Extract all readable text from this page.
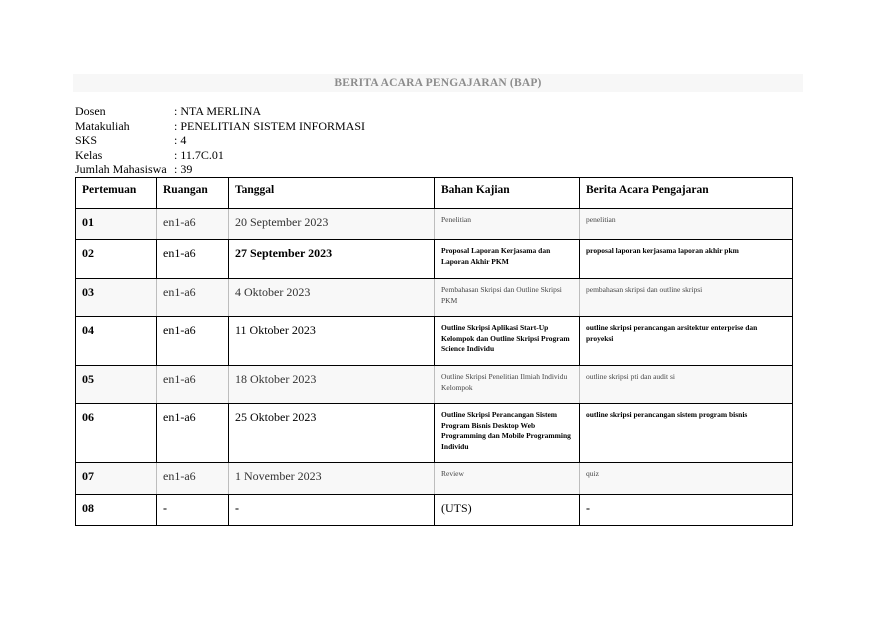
BERITA ACARA PENGAJARAN (BAP)
Dosen	: NTA MERLINA
Matakuliah	: PENELITIAN SISTEM INFORMASI
SKS	: 4
Kelas	: 11.7C.01
Jumlah Mahasiswa : 39
Pertemuan	Ruangan	Tanggal	Bahan Kajian	Berita Acara Pengajaran
01	en1-a6	20 September 2023	Penelitian	penelitian
02	en1-a6	27 September 2023	Proposal Laporan Kerjasama dan Laporan Akhir PKM	proposal laporan kerjasama laporan akhir pkm
03	en1-a6	4 Oktober 2023	Pembahasan Skripsi dan Outline Skripsi PKM	pembahasan skripsi dan outline skripsi
04	en1-a6	11 Oktober 2023	Outline Skripsi Aplikasi Start-Up Kelompok dan Outline Skripsi Program Science Individu	outline skripsi perancangan arsitektur enterprise dan proyeksi
05	en1-a6	18 Oktober 2023	Outline Skripsi Penelitian Ilmiah Individu Kelompok	outline skripsi pti dan audit si
06	en1-a6	25 Oktober 2023	Outline Skripsi Perancangan Sistem Program Bisnis Desktop Web Programming dan Mobile Programming Individu	outline skripsi perancangan sistem program bisnis
07	en1-a6	1 November 2023	Review	quiz
08	-	-	(UTS)	-
